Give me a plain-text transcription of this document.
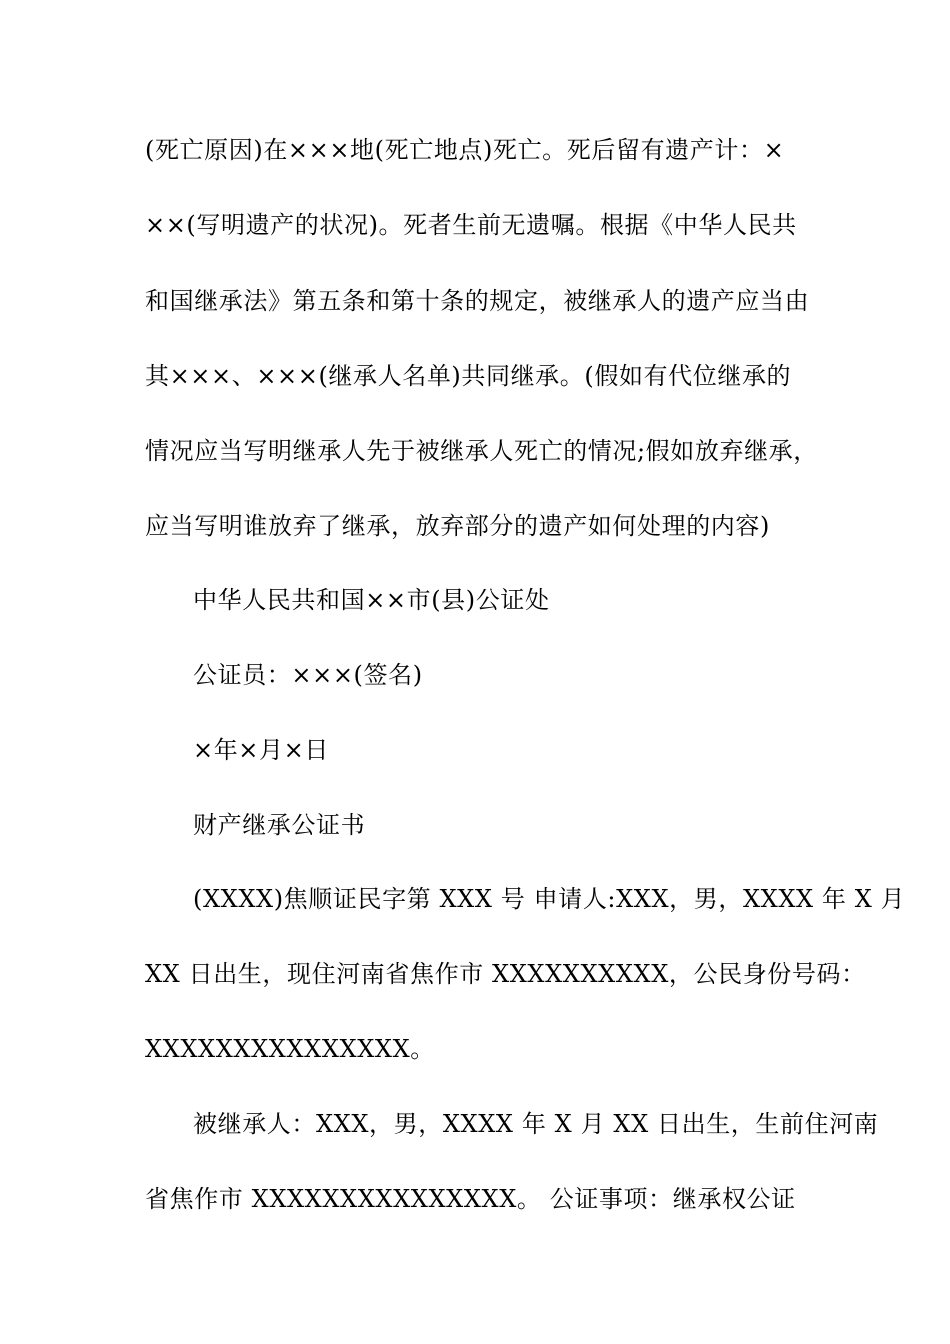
(死亡原因)在×××地(死亡地点)死亡。死后留有遗产计：×
××(写明遗产的状况)。死者生前无遗嘱。根据《中华人民共
和国继承法》第五条和第十条的规定，被继承人的遗产应当由
其×××、×××(继承人名单)共同继承。(假如有代位继承的
情况应当写明继承人先于被继承人死亡的情况;假如放弃继承，
应当写明谁放弃了继承，放弃部分的遗产如何处理的内容)
中华人民共和国××市(县)公证处
公证员：×××(签名)
×年×月×日
财产继承公证书
(XXXX)焦顺证民字第 XXX 号 申请人:XXX，男，XXXX 年 X 月
XX 日出生，现住河南省焦作市 XXXXXXXXXX，公民身份号码：
XXXXXXXXXXXXXXX。
被继承人：XXX，男，XXXX 年 X 月 XX 日出生，生前住河南
省焦作市 XXXXXXXXXXXXXXX。 公证事项：继承权公证
